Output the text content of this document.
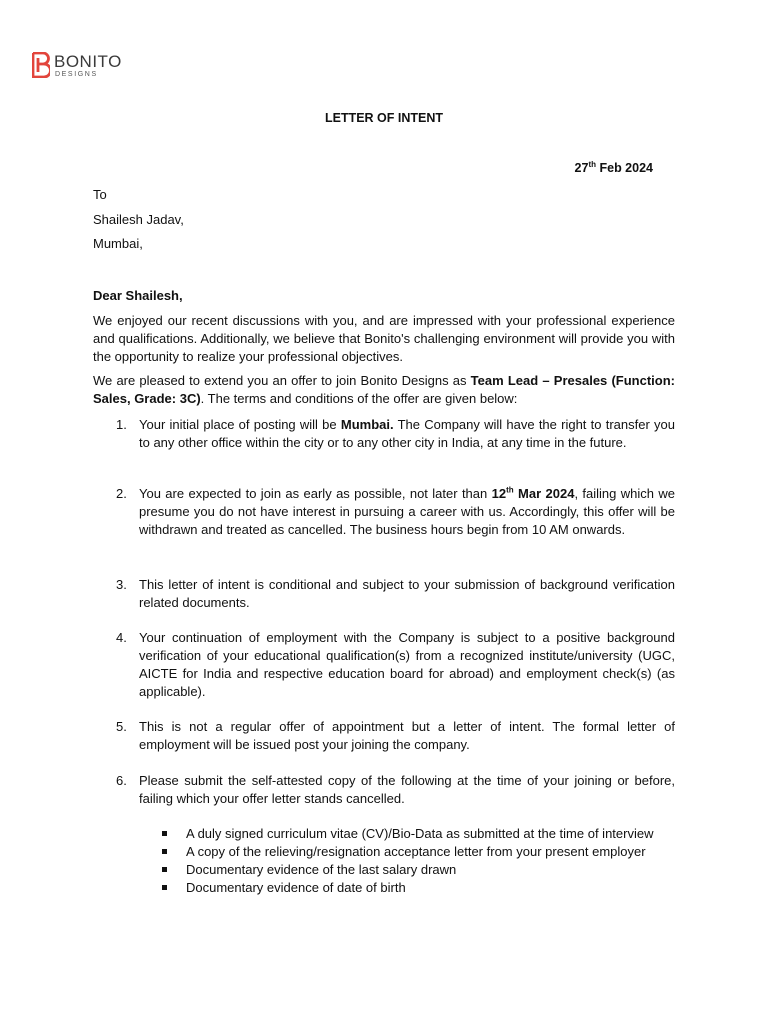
BONITO
DESIGNS
LETTER OF INTENT
27th Feb 2024
To
Shailesh Jadav,
Mumbai,
Dear Shailesh,
We enjoyed our recent discussions with you, and are impressed with your professional experience and qualifications. Additionally, we believe that Bonito's challenging environment will provide you with the opportunity to realize your professional objectives.
We are pleased to extend you an offer to join Bonito Designs as Team Lead – Presales (Function: Sales, Grade: 3C). The terms and conditions of the offer are given below:
1. Your initial place of posting will be Mumbai. The Company will have the right to transfer you to any other office within the city or to any other city in India, at any time in the future.
2. You are expected to join as early as possible, not later than 12th Mar 2024, failing which we presume you do not have interest in pursuing a career with us. Accordingly, this offer will be withdrawn and treated as cancelled. The business hours begin from 10 AM onwards.
3. This letter of intent is conditional and subject to your submission of background verification related documents.
4. Your continuation of employment with the Company is subject to a positive background verification of your educational qualification(s) from a recognized institute/university (UGC, AICTE for India and respective education board for abroad) and employment check(s) (as applicable).
5. This is not a regular offer of appointment but a letter of intent. The formal letter of employment will be issued post your joining the company.
6. Please submit the self-attested copy of the following at the time of your joining or before, failing which your offer letter stands cancelled.
A duly signed curriculum vitae (CV)/Bio-Data as submitted at the time of interview
A copy of the relieving/resignation acceptance letter from your present employer
Documentary evidence of the last salary drawn
Documentary evidence of date of birth
